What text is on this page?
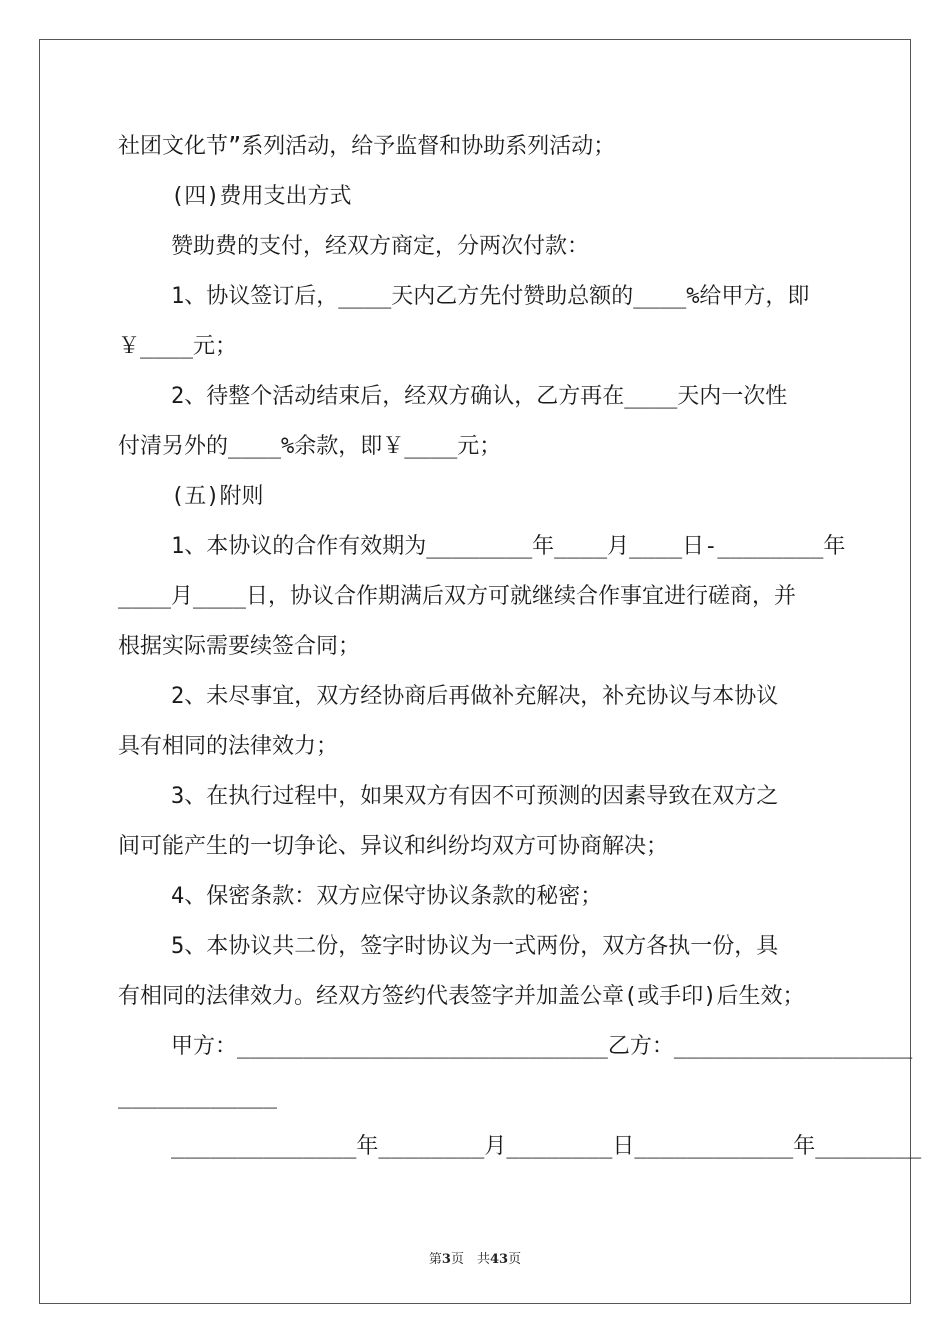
社团文化节”系列活动，给予监督和协助系列活动；
(四)费用支出方式
赞助费的支付，经双方商定，分两次付款：
1、协议签订后，____天内乙方先付赞助总额的____%给甲方，即
￥____元；
2、待整个活动结束后，经双方确认，乙方再在____天内一次性
付清另外的____%余款，即￥____元；
(五)附则
1、本协议的合作有效期为________年____月____日-________年
____月____日，协议合作期满后双方可就继续合作事宜进行磋商，并
根据实际需要续签合同；
2、未尽事宜，双方经协商后再做补充解决，补充协议与本协议
具有相同的法律效力；
3、在执行过程中，如果双方有因不可预测的因素导致在双方之
间可能产生的一切争论、异议和纠纷均双方可协商解决；
4、保密条款：双方应保守协议条款的秘密；
5、本协议共二份，签字时协议为一式两份，双方各执一份，具
有相同的法律效力。经双方签约代表签字并加盖公章(或手印)后生效；
甲方：____________________________乙方：__________________
____________
______________年________月________日____________年________
第3页　共43页
